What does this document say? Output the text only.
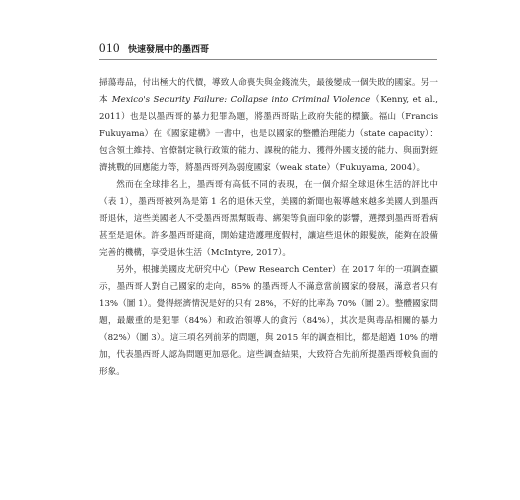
010 快速發展中的墨西哥

掃蕩毒品，付出極大的代價，導致人命喪失與金錢流失，最後變成一個失敗的國家。另一本 Mexico's Security Failure: Collapse into Criminal Violence（Kenny, et al., 2011）也是以墨西哥的暴力犯罪為題，將墨西哥貼上政府失能的標籤。福山（Francis Fukuyama）在《國家建構》一書中，也是以國家的整體治理能力（state capacity）：包含領土維持、官僚制定執行政策的能力、課稅的能力、獲得外國支援的能力、與面對經濟挑戰的回應能力等，將墨西哥列為弱度國家（weak state）（Fukuyama, 2004）。

然而在全球排名上，墨西哥有高低不同的表現，在一個介紹全球退休生活的評比中（表 1），墨西哥被列為是第 1 名的退休天堂，美國的新聞也報導越來越多美國人到墨西哥退休，這些美國老人不受墨西哥黑幫販毒、綁架等負面印象的影響，選擇到墨西哥看病甚至是退休。許多墨西哥建商，開始建造護理度假村，讓這些退休的銀髮族，能夠在設備完善的機構，享受退休生活（McIntyre, 2017）。

另外，根據美國皮尤研究中心（Pew Research Center）在 2017 年的一項調查顯示，墨西哥人對自己國家的走向，85% 的墨西哥人不滿意當前國家的發展，滿意者只有 13%（圖 1）。覺得經濟情況是好的只有 28%，不好的比率為 70%（圖 2）。整體國家問題，最嚴重的是犯罪（84%）和政治領導人的貪污（84%），其次是與毒品相關的暴力（82%）（圖 3）。這三項名列前茅的問題，與 2015 年的調查相比，都是超過 10% 的增加，代表墨西哥人認為問題更加惡化。這些調查結果，大致符合先前所提墨西哥較負面的形象。
